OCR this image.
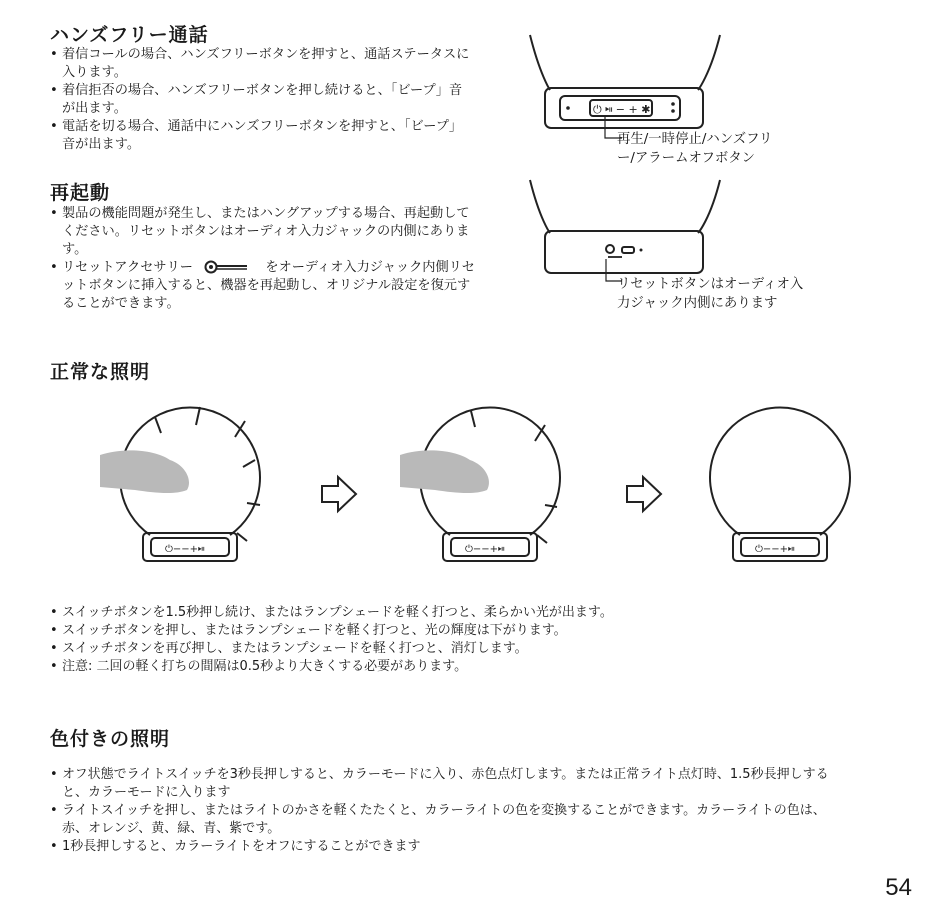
ハンズフリー通話
• 着信コールの場合、ハンズフリーボタンを押すと、通話ステータスに入ります。
• 着信拒否の場合、ハンズフリーボタンを押し続けると、「ビープ」音が出ます。
• 電話を切る場合、通話中にハンズフリーボタンを押すと、「ビープ」音が出ます。
再起動
• 製品の機能問題が発生し、またはハングアップする場合、再起動してください。リセットボタンはオーディオ入力ジャックの内側にあります。
• リセットアクセサリー	をオーディオ入力ジャック内側リセットボタンに挿入すると、機器を再起動し、オリジナル設定を復元することができます。
⏻ ⏯ − + ✱
再生/一時停止/ハンズフリー/アラームオフボタン
リセットボタンはオーディオ入力ジャック内側にあります
正常な照明
⏻−−+⏯	⏻−−+⏯	⏻−−+⏯
• スイッチボタンを1.5秒押し続け、またはランプシェードを軽く打つと、柔らかい光が出ます。
• スイッチボタンを押し、またはランプシェードを軽く打つと、光の輝度は下がります。
• スイッチボタンを再び押し、またはランプシェードを軽く打つと、消灯します。
• 注意: 二回の軽く打ちの間隔は0.5秒より大きくする必要があります。
色付きの照明
• オフ状態でライトスイッチを3秒長押しすると、カラーモードに入り、赤色点灯します。または正常ライト点灯時、1.5秒長押しすると、カラーモードに入ります
• ライトスイッチを押し、またはライトのかさを軽くたたくと、カラーライトの色を変換することができます。カラーライトの色は、赤、オレンジ、黄、緑、青、紫です。
• 1秒長押しすると、カラーライトをオフにすることができます
54
